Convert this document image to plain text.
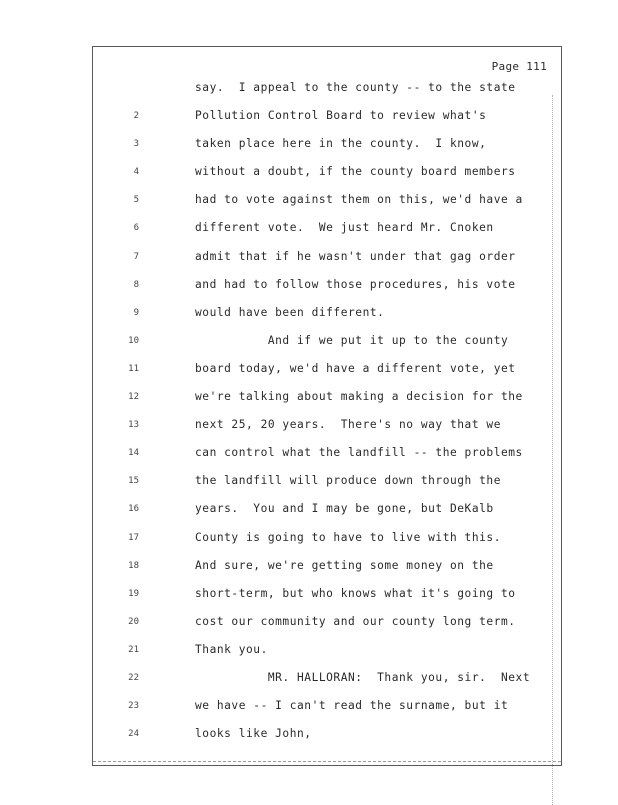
Page 111
say.  I appeal to the county -- to the state
2	Pollution Control Board to review what's
3	taken place here in the county.  I know,
4	without a doubt, if the county board members
5	had to vote against them on this, we'd have a
6	different vote.  We just heard Mr. Cnoken
7	admit that if he wasn't under that gag order
8	and had to follow those procedures, his vote
9	would have been different.
10	And if we put it up to the county
11	board today, we'd have a different vote, yet
12	we're talking about making a decision for the
13	next 25, 20 years.  There's no way that we
14	can control what the landfill -- the problems
15	the landfill will produce down through the
16	years.  You and I may be gone, but DeKalb
17	County is going to have to live with this.
18	And sure, we're getting some money on the
19	short-term, but who knows what it's going to
20	cost our community and our county long term.
21	Thank you.
22	MR. HALLORAN:  Thank you, sir.  Next
23	we have -- I can't read the surname, but it
24	looks like John,
